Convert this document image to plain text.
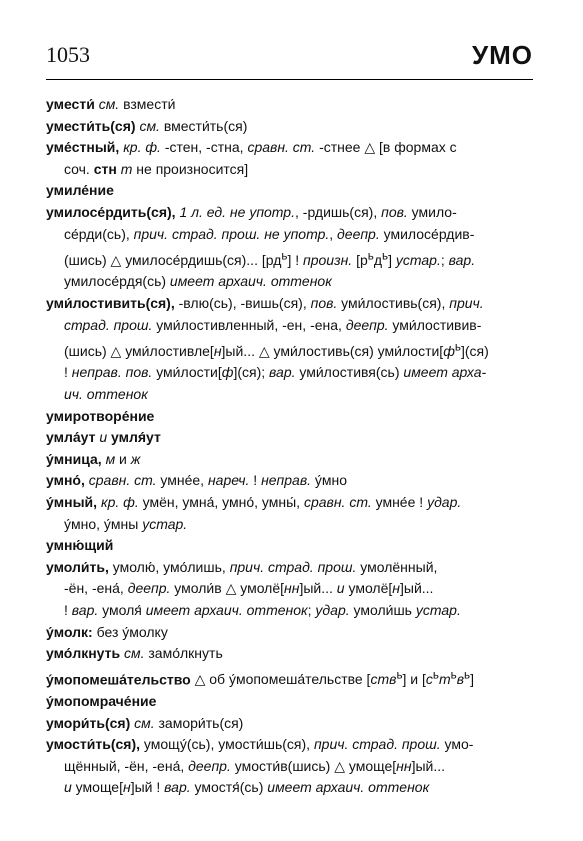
1053	УМО

умести́ см. взмести́

умести́ть(ся) см. вмести́ть(ся)

уме́стный, кр. ф. -стен, -стна, сравн. ст. -стнее △ [в формах с

соч. стн т не произносится]

умиле́ние

умилосе́рдить(ся), 1 л. ед. не употр., -рдишь(ся), пов. умило-

се́рди(сь), прич. страд. прош. не употр., деепр. умилосе́рдив-

(шись) △ умилосе́рдишь(ся)... $[рд^ь]$ ! произн. $[р^ьд^ь]$ устар.; вар.

умилосе́рдя(сь) имеет архаич. оттенок

уми́лостивить(ся), -влю(сь), -вишь(ся), пов. уми́лостивь(ся), прич.

страд. прош. уми́лостивленный, -ен, -ена, деепр. уми́лостивив-

(шись) △ уми́лостивле[н]ый... △ уми́лостивь(ся) $уми́лости[ф^ь](ся)$

! неправ. пов. уми́лости[ф](ся); вар. уми́лостивя(сь) имеет арха-

ич. оттенок

умиротворе́ние

умла́ут и умля́ут

у́мница, м и ж

умно́, сравн. ст. умне́е, нареч. ! неправ. у́мно

у́мный, кр. ф. умён, умна́, умно́, умны́, сравн. ст. умне́е ! удар.

у́мно, у́мны устар.

умню́щий

умоли́ть, умолю́, умо́лишь, прич. страд. прош. умолённый,

-ён, -ена́, деепр. умоли́в △ умолё[нн]ый... и умолё[н]ый...

! вар. умоля́ имеет архаич. оттенок; удар. умоли́шь устар.

у́молк: без у́молку

умо́лкнуть см. замо́лкнуть

у́мопомеша́тельство △ об у́мопомеша́тельстве [ств$^ь$] и $[с^ьт^ьв^ь]$

у́мопомраче́ние

умори́ть(ся) см. замори́ть(ся)

умости́ть(ся), умощу́(сь), умости́шь(ся), прич. страд. прош. умо-

щённый, -ён, -ена́, деепр. умости́в(шись) △ умоще[нн]ый...

и умоще[н]ый ! вар. умостя́(сь) имеет архаич. оттенок
